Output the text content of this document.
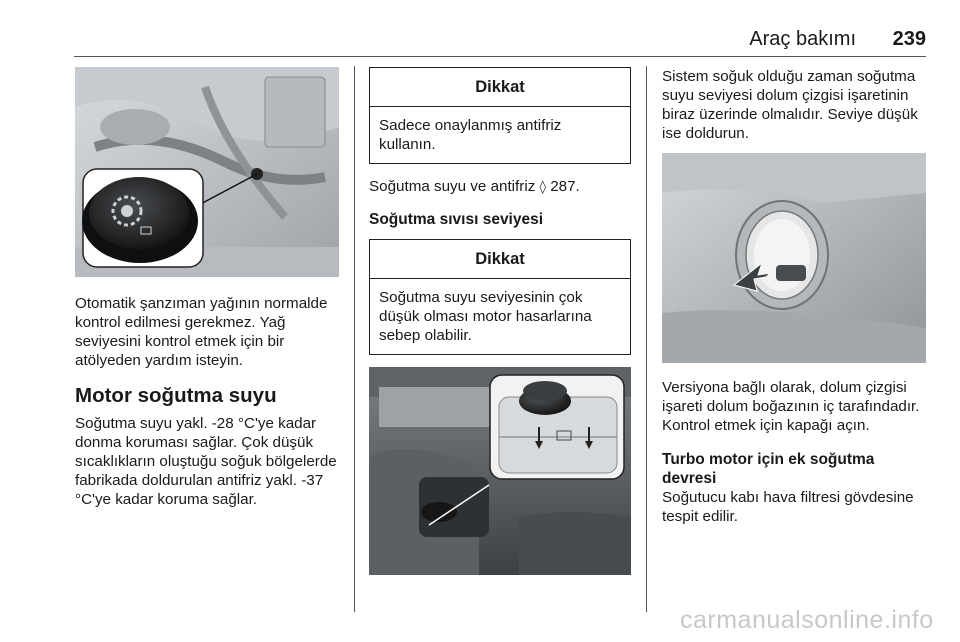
Araç bakımı 239

Otomatik şanzıman yağının normalde kontrol edilmesi gerekmez. Yağ seviyesini kontrol etmek için bir atölyeden yardım isteyin.

Motor soğutma suyu

Soğutma suyu yakl. -28 °C'ye kadar donma koruması sağlar. Çok düşük sıcaklıkların oluştuğu soğuk bölgelerde fabrikada doldurulan antifriz yakl. -37 °C'ye kadar koruma sağlar.

Dikkat
Sadece onaylanmış antifriz kullanın.

Soğutma suyu ve antifriz ◊ 287.

Soğutma sıvısı seviyesi
Dikkat
Soğutma suyu seviyesinin çok düşük olması motor hasarlarına sebep olabilir.

Sistem soğuk olduğu zaman soğutma suyu seviyesi dolum çizgisi işaretinin biraz üzerinde olmalıdır. Seviye düşük ise doldurun.

Versiyona bağlı olarak, dolum çizgisi işareti dolum boğazının iç tarafındadır. Kontrol etmek için kapağı açın.

Turbo motor için ek soğutma devresi

Soğutucu kabı hava filtresi gövdesine tespit edilir.

carmanualsonline.info
